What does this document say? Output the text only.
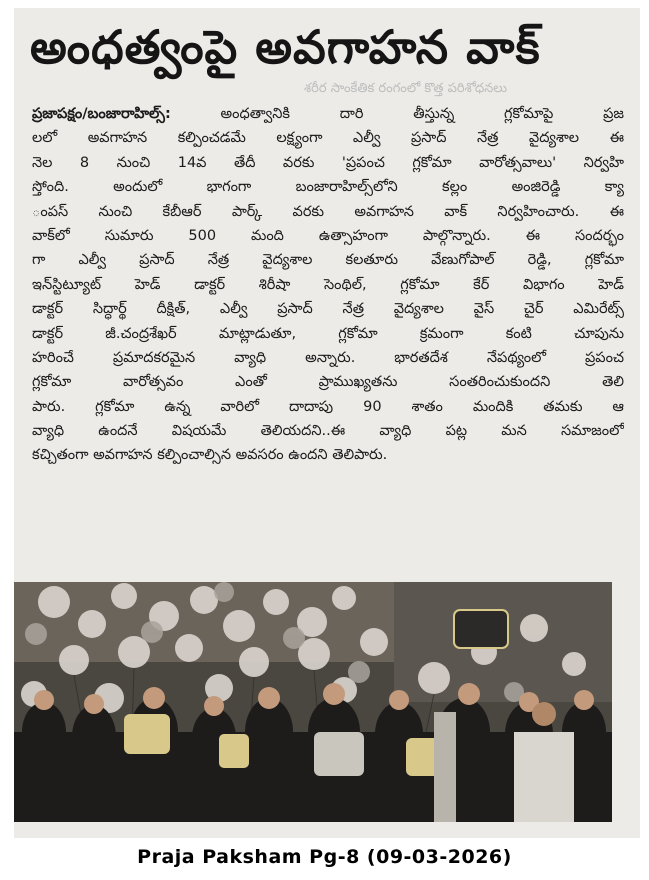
అంధత్వంపై అవగాహన వాక్
శరీర సాంకేతిక రంగంలో కొత్త పరిశోధనలు
ప్రజాపక్షం/బంజారాహిల్స్: అంధత్వానికి దారి తీస్తున్న గ్లకోమాపై ప్రజ
లలో అవగాహన కల్పించడమే లక్ష్యంగా ఎల్వీ ప్రసాద్ నేత్ర వైద్యశాల ఈ
నెల 8 నుంచి 14వ తేదీ వరకు 'ప్రపంచ గ్లకోమా వారోత్సవాలు' నిర్వహి
స్తోంది. అందులో భాగంగా బంజారాహిల్స్‌లోని కల్లం అంజిరెడ్డి క్యా
ంపస్ నుంచి కేబీఆర్ పార్క్ వరకు అవగాహన వాక్ నిర్వహించారు. ఈ
వాక్‌లో సుమారు 500 మంది ఉత్సాహంగా పాల్గొన్నారు. ఈ సందర్భం
గా ఎల్వీ ప్రసాద్ నేత్ర వైద్యశాల కలతూరు వేణుగోపాల్ రెడ్డి, గ్లకోమా
ఇన్‌స్టిట్యూట్ హెడ్ డాక్టర్ శిరీషా సెంథిల్, గ్లకోమా కేర్ విభాగం హెడ్
డాక్టర్ సిద్ధార్థ్ దీక్షిత్, ఎల్వీ ప్రసాద్ నేత్ర వైద్యశాల వైస్ చైర్ ఎమిరేట్స్
డాక్టర్ జీ.చంద్రశేఖర్ మాట్లాడుతూ, గ్లకోమా క్రమంగా కంటి చూపును
హరించే ప్రమాదకరమైన వ్యాధి అన్నారు. భారతదేశ నేపథ్యంలో ప్రపంచ
గ్లకోమా వారోత్సవం ఎంతో ప్రాముఖ్యతను సంతరించుకుందని తెలి
పారు. గ్లకోమా ఉన్న వారిలో దాదాపు 90 శాతం మందికి తమకు ఆ
వ్యాధి ఉందనే విషయమే తెలియదని..ఈ వ్యాధి పట్ల మన సమాజంలో
కచ్చితంగా అవగాహన కల్పించాల్సిన అవసరం ఉందని తెలిపారు.
Praja Paksham Pg-8 (09-03-2026)
